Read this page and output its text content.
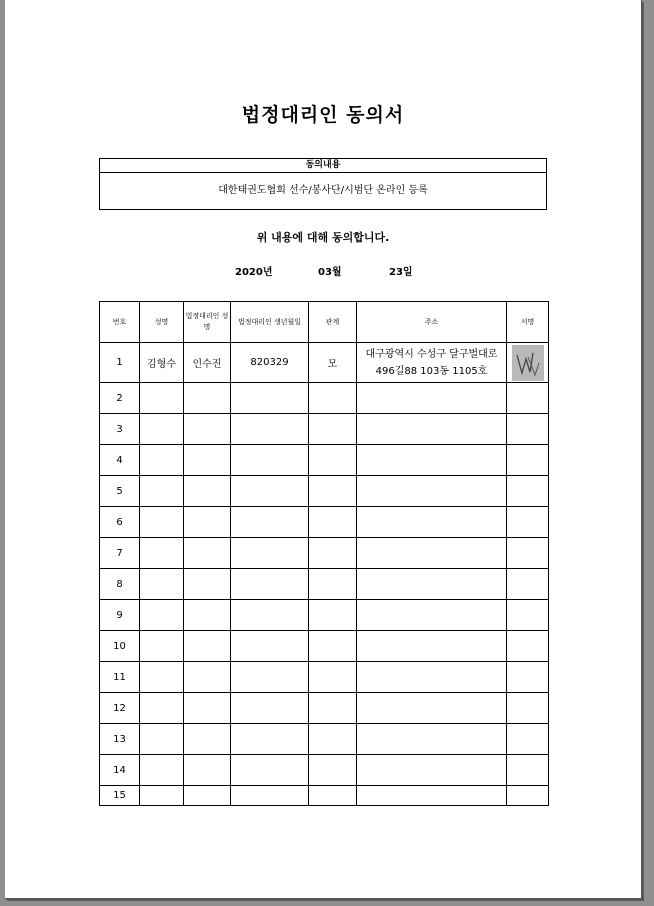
법정대리인 동의서
동의내용
대한태권도협회 선수/봉사단/시범단 온라인 등록
위 내용에 대해 동의합니다.
2020년	03월	23일
번호	성명	법정대리인 성명	법정대리인 생년월일	관계	주소	서명
1	김형수	인수진	820329	모	대구광역시 수성구 달구벌대로 496길88 103동 1105호	

2						
3						
4						
5						
6						
7						
8						
9						
10						
11						
12						
13						
14						
15						
